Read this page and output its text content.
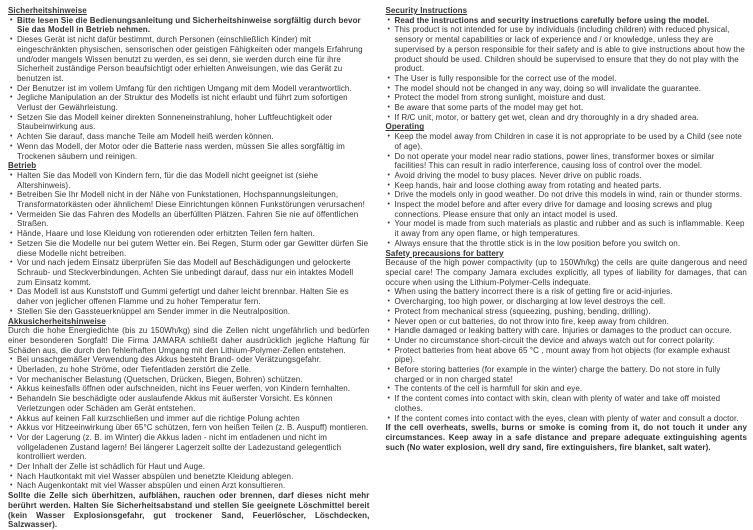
Sicherheitshinweise
• Bitte lesen Sie die Bedienungsanleitung und Sicherheitshinweise sorgfältig durch bevor Sie das Modell in Betrieb nehmen.
• Dieses Gerät ist nicht dafür bestimmt, durch Personen (einschließlich Kinder) mit eingeschränkten physischen, sensorischen oder geistigen Fähigkeiten oder mangels Erfahrung und/oder mangels Wissen benutzt zu werden, es sei denn, sie werden durch eine für ihre Sicherheit zuständige Person beaufsichtigt oder erhielten Anweisungen, wie das Gerät zu benutzen ist.
• Der Benutzer ist im vollem Umfang für den richtigen Umgang mit dem Modell verantwortlich.
• Jegliche Manipulation an der Struktur des Modells ist nicht erlaubt und führt zum sofortigen Verlust der Gewährleistung.
• Setzen Sie das Modell keiner direkten Sonneneinstrahlung, hoher Luftfeuchtigkeit oder Staubeinwirkung aus.
• Achten Sie darauf, dass manche Teile am Modell heiß werden können.
• Wenn das Modell, der Motor oder die Batterie nass werden, müssen Sie alles sorgfältig im Trockenen säubern und reinigen.
Betrieb
• Halten Sie das Modell von Kindern fern, für die das Modell nicht geeignet ist (siehe Altershinweis).
• Betreiben Sie Ihr Modell nicht in der Nähe von Funkstationen, Hochspannungsleitungen, Transformatorkästen oder ähnlichem! Diese Einrichtungen können Funkstörungen verursachen!
• Vermeiden Sie das Fahren des Modells an überfüllten Plätzen. Fahren Sie nie auf öffentlichen Straßen.
• Hände, Haare und lose Kleidung von rotierenden oder erhitzten Teilen fern halten.
• Setzen Sie die Modelle nur bei gutem Wetter ein. Bei Regen, Sturm oder gar Gewitter dürfen Sie diese Modelle nicht betreiben.
• Vor und nach jedem Einsatz überprüfen Sie das Modell auf Beschädigungen und gelockerte Schraub- und Steckverbindungen. Achten Sie unbedingt darauf, dass nur ein intaktes Modell zum Einsatz kommt.
• Das Modell ist aus Kunststoff und Gummi gefertigt und daher leicht brennbar. Halten Sie es daher von jeglicher offenen Flamme und zu hoher Temperatur fern.
• Stellen Sie den Gassteuerknüppel am Sender immer in die Neutralposition.
Akkusicherheitshinweise
Durch die hohe Energiedichte (bis zu 150Wh/kg) sind die Zellen nicht ungefährlich und bedürfen einer besonderen Sorgfalt! Die Firma JAMARA schließt daher ausdrücklich jegliche Haftung für Schäden aus, die durch den fehlerhaften Umgang mit den Lithium-Polymer-Zellen entstehen.
• Bei unsachgemäßer Verwendung des Akkus besteht Brand- oder Verätzungsgefahr.
• Überladen, zu hohe Ströme, oder Tiefentladen zerstört die Zelle.
• Vor mechanischer Belastung (Quetschen, Drücken, Biegen, Bohren) schützen.
• Akkus keinesfalls öffnen oder aufschneiden, nicht ins Feuer werfen, von Kindern fernhalten.
• Behandeln Sie beschädigte oder auslaufende Akkus mit äußerster Vorsicht. Es können Verletzungen oder Schäden am Gerät entstehen.
• Akkus auf keinen Fall kurzschließen und immer auf die richtige Polung achten
• Akkus vor Hitzeeinwirkung über 65°C schützen, fern von heißen Teilen (z. B. Auspuff) montieren.
• Vor der Lagerung (z. B. im Winter) die Akkus laden - nicht im entladenen und nicht im vollgeladenen Zustand lagern! Bei längerer Lagerzeit sollte der Ladezustand gelegentlich kontrolliert werden.
• Der Inhalt der Zelle ist schädlich für Haut und Auge.
• Nach Hautkontakt mit viel Wasser abspülen und benetzte Kleidung ablegen.
• Nach Augenkontakt mit viel Wasser abspülen und einen Arzt konsultieren.
Sollte die Zelle sich überhitzen, aufblähen, rauchen oder brennen, darf dieses nicht mehr berührt werden. Halten Sie Sicherheitsabstand und stellen Sie geeignete Löschmittel bereit (kein Wasser Explosionsgefahr, gut trockener Sand, Feuerlöscher, Löschdecken, Salzwasser).
Security Instructions
• Read the instructions and security instructions carefully before using the model.
• This product is not intended for use by individuals (including children) with reduced physical, sensory or mental capabilities or lack of experience and / or knowledge, unless they are supervised by a person responsible for their safety and is able to give instructions about how the product should be used. Children should be supervised to ensure that they do not play with the product.
• The User is fully responsible for the correct use of the model.
• The model should not be changed in any way, doing so will invalidate the guarantee.
• Protect the model from strong sunlight, moisture and dust.
• Be aware that some parts of the model may get hot.
• If R/C unit, motor, or battery get wet, clean and dry thoroughly in a dry shaded area.
Operating
• Keep the model away from Children in case it is not appropriate to be used by a Child (see note of age).
• Do not operate your model near radio stations, power lines, transformer boxes or similar facilities! This can result in radio interference, causing loss of control over the model.
• Avoid driving the model to busy places. Never drive on public roads.
• Keep hands, hair and loose clothing away from rotating and heated parts.
• Drive the models only in good weather. Do not drive this models in wind, rain or thunder storms.
• Inspect the model before and after every drive for damage and loosing screws and plug connections. Please ensure that only an intact model is used.
• Your model is made from such materials as plastic and rubber and as such is inflammable. Keep it away from any open flame, or high temperatures.
• Always ensure that the throttle stick is in the low position before you switch on.
Safety precausions for battery
Because of the high power compactivity (up to 150Wh/kg) the cells are quite dangerous and need special care! The company Jamara excludes explicitly, all types of liability for damages, that can occure when using the Lithium-Polymer-Cells indequate.
• When using the battery incorrect there is a risk of getting fire or acid-injuries.
• Overcharging, too high power, or discharging at low level destroys the cell.
• Protect from mechanical stress (squeezing, pushing, bending, drilling).
• Never open or cut batteries, do not throw into fire, keep away from children.
• Handle damaged or leaking battery with care. Injuries or damages to the product can occure.
• Under no circumstance short-circuit the device and always watch out for correct polarity.
• Protect batteries from heat above 65 °C , mount away from hot objects (for example exhaust pipe).
• Before storing batteries (for example in the winter) charge the battery. Do not store in fully charged or in non charged state!
• The contents of the cell is harmfull for skin and eye.
• If the content comes into contact with skin, clean with plenty of water and take off moisted clothes.
• If the content comes into contact with the eyes, clean with plenty of water and consult a doctor.
If the cell overheats, swells, burns or smoke is coming from it, do not touch it under any circumstances. Keep away in a safe distance and prepare adequate extinguishing agents such (No water explosion, well dry sand, fire extinguishers, fire blanket, salt water).
